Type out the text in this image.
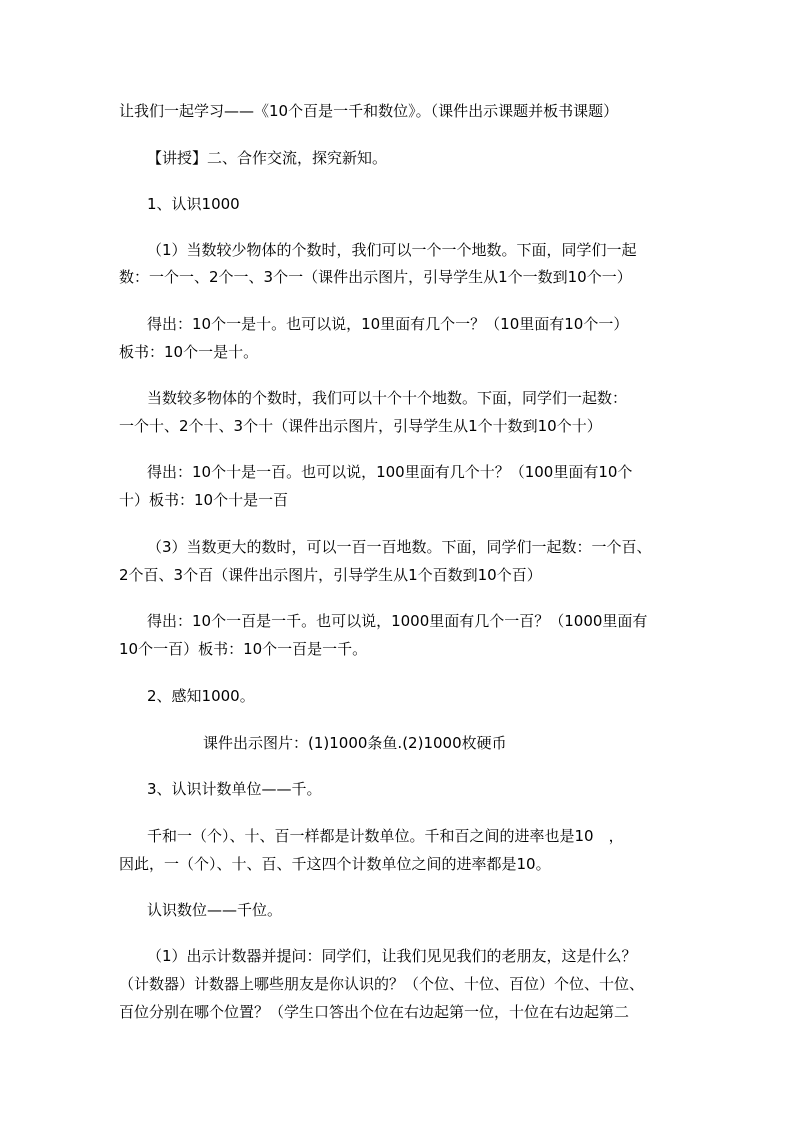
让我们一起学习——《10个百是一千和数位》。（课件出示课题并板书课题）
【讲授】二、合作交流，探究新知。
1、认识1000
（1）当数较少物体的个数时，我们可以一个一个地数。下面，同学们一起
数：一个一、2个一、3个一（课件出示图片，引导学生从1个一数到10个一）
得出：10个一是十。也可以说，10里面有几个一？（10里面有10个一）
板书：10个一是十。
当数较多物体的个数时，我们可以十个十个地数。下面，同学们一起数：
一个十、2个十、3个十（课件出示图片，引导学生从1个十数到10个十）
得出：10个十是一百。也可以说，100里面有几个十？（100里面有10个
十）板书：10个十是一百
（3）当数更大的数时，可以一百一百地数。下面，同学们一起数：一个百、
2个百、3个百（课件出示图片，引导学生从1个百数到10个百）
得出：10个一百是一千。也可以说，1000里面有几个一百？（1000里面有
10个一百）板书：10个一百是一千。
2、感知1000。
课件出示图片：(1)1000条鱼.(2)1000枚硬币
3、认识计数单位——千。
千和一（个）、十、百一样都是计数单位。千和百之间的进率也是10　，
因此，一（个）、十、百、千这四个计数单位之间的进率都是10。
认识数位——千位。
（1）出示计数器并提问：同学们，让我们见见我们的老朋友，这是什么？
（计数器）计数器上哪些朋友是你认识的？（个位、十位、百位）个位、十位、
百位分别在哪个位置？（学生口答出个位在右边起第一位，十位在右边起第二
